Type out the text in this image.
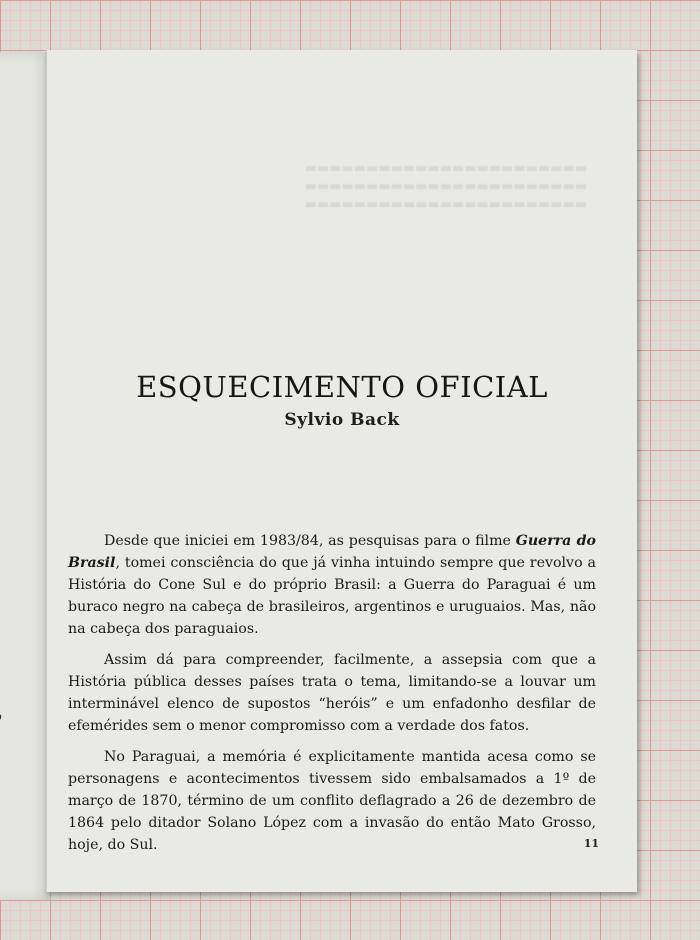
▬▬▬▬▬▬▬▬▬▬▬▬▬▬▬▬▬▬▬▬▬▬▬ ▬▬▬▬▬▬▬▬▬▬▬▬▬▬▬▬▬▬▬▬▬▬▬ ▬▬▬▬▬▬▬▬▬▬▬▬▬▬▬▬▬▬▬▬▬▬▬
ESQUECIMENTO OFICIAL
Sylvio Back

Desde que iniciei em 1983/84, as pesquisas para o filme Guerra do Brasil, tomei consciência do que já vinha intuindo sempre que revolvo a História do Cone Sul e do próprio Brasil: a Guerra do Paraguai é um buraco negro na cabeça de brasileiros, argentinos e uruguaios. Mas, não na cabeça dos paraguaios.

Assim dá para compreender, facilmente, a assepsia com que a História pública desses países trata o tema, limitando-se a louvar um interminável elenco de supostos “heróis” e um enfadonho desfilar de efemérides sem o menor compromisso com a verdade dos fatos.

No Paraguai, a memória é explicitamente mantida acesa como se personagens e acontecimentos tivessem sido embalsamados a 1º de março de 1870, término de um conflito deflagrado a 26 de dezembro de 1864 pelo ditador Solano López com a invasão do então Mato Grosso, hoje, do Sul.	11
